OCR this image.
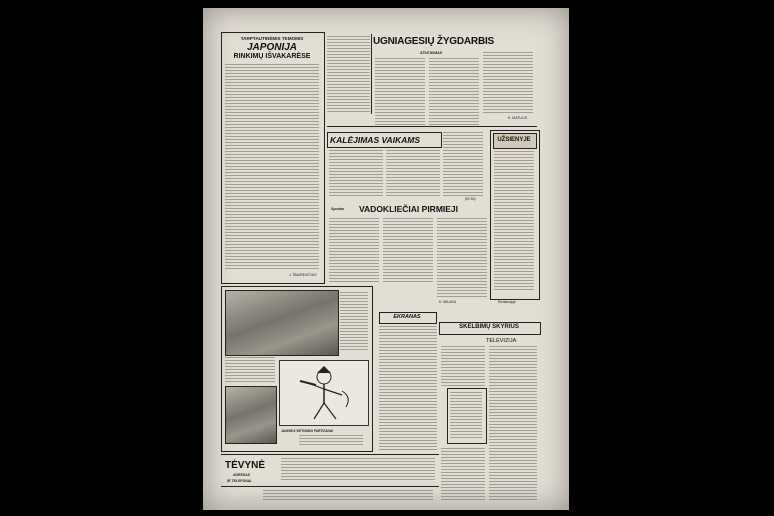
TARPTAUTINĖMIS TEMOMIS
JAPONIJA
RINKIMŲ IŠVAKARĖSE
J. ŠNUREVIČIUS
UGNIAGESIŲ ŽYGDARBIS
ATSITIKIMAS
K. MATULIS
KALĖJIMAS VAIKAMS
(ELTA)
UŽSIENYJE
Redakcijoje
Sportas VADOKLIEČIAI PIRMIEJI
K. MILAKA
JAUNIEJI VIETNAMO PARTIZANAI
EKRANAS
SKELBIMŲ SKYRIUS
TELEVIZIJA
TĖVYNĖ
ADRESAS
IR TELEFONAI
